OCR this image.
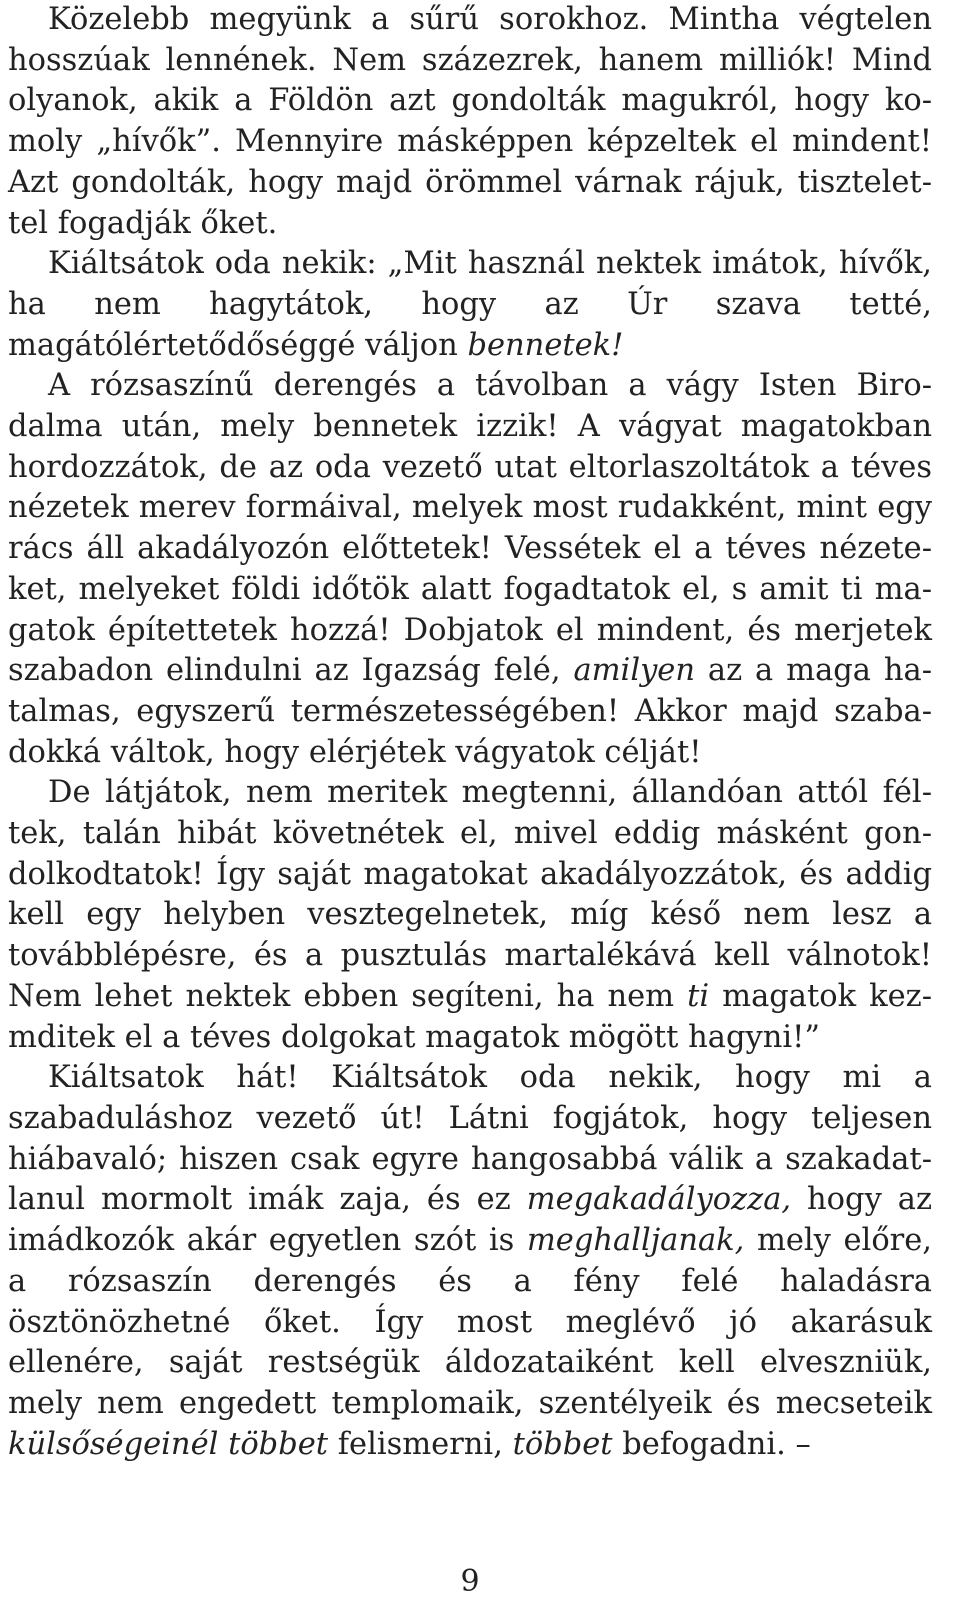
Közelebb megyünk a sűrű sorokhoz. Mintha végtelen hosszúak lennének. Nem százezrek, hanem milliók! Mind olyanok, akik a Földön azt gondolták magukról, hogy komoly „hívők”. Mennyire másképpen képzeltek el mindent! Azt gondolták, hogy majd örömmel várnak rájuk, tisztelettel fogadják őket.

Kiáltsátok oda nekik: „Mit használ nektek imátok, hívők, ha nem hagytátok, hogy az Úr szava tetté, magátólértetődőséggé váljon bennetek!

A rózsaszínű derengés a távolban a vágy Isten Birodalma után, mely bennetek izzik! A vágyat magatokban hordozzátok, de az oda vezető utat eltorlaszoltátok a téves nézetek merev formáival, melyek most rudakként, mint egy rács áll akadályozón előttetek! Vessétek el a téves nézeteket, melyeket földi időtök alatt fogadtatok el, s amit ti magatok építettetek hozzá! Dobjatok el mindent, és merjetek szabadon elindulni az Igazság felé, amilyen az a maga hatalmas, egyszerű természetességében! Akkor majd szabadokká váltok, hogy elérjétek vágyatok célját!

De látjátok, nem meritek megtenni, állandóan attól féltek, talán hibát követnétek el, mivel eddig másként gondolkodtatok! Így saját magatokat akadályozzátok, és addig kell egy helyben vesztegelnetek, míg késő nem lesz a továbblépésre, és a pusztulás martalékává kell válnotok! Nem lehet nektek ebben segíteni, ha nem ti magatok kezmditek el a téves dolgokat magatok mögött hagyni!”

Kiáltsatok hát! Kiáltsátok oda nekik, hogy mi a szabaduláshoz vezető út! Látni fogjátok, hogy teljesen hiábavaló; hiszen csak egyre hangosabbá válik a szakadatlanul mormolt imák zaja, és ez megakadályozza, hogy az imádkozók akár egyetlen szót is meghalljanak, mely előre, a rózsaszín derengés és a fény felé haladásra ösztönözhetné őket. Így most meglévő jó akarásuk ellenére, saját restségük áldozataiként kell elveszniük, mely nem engedett templomaik, szentélyeik és mecseteik külsőségeinél többet felismerni, többet befogadni. –

9
